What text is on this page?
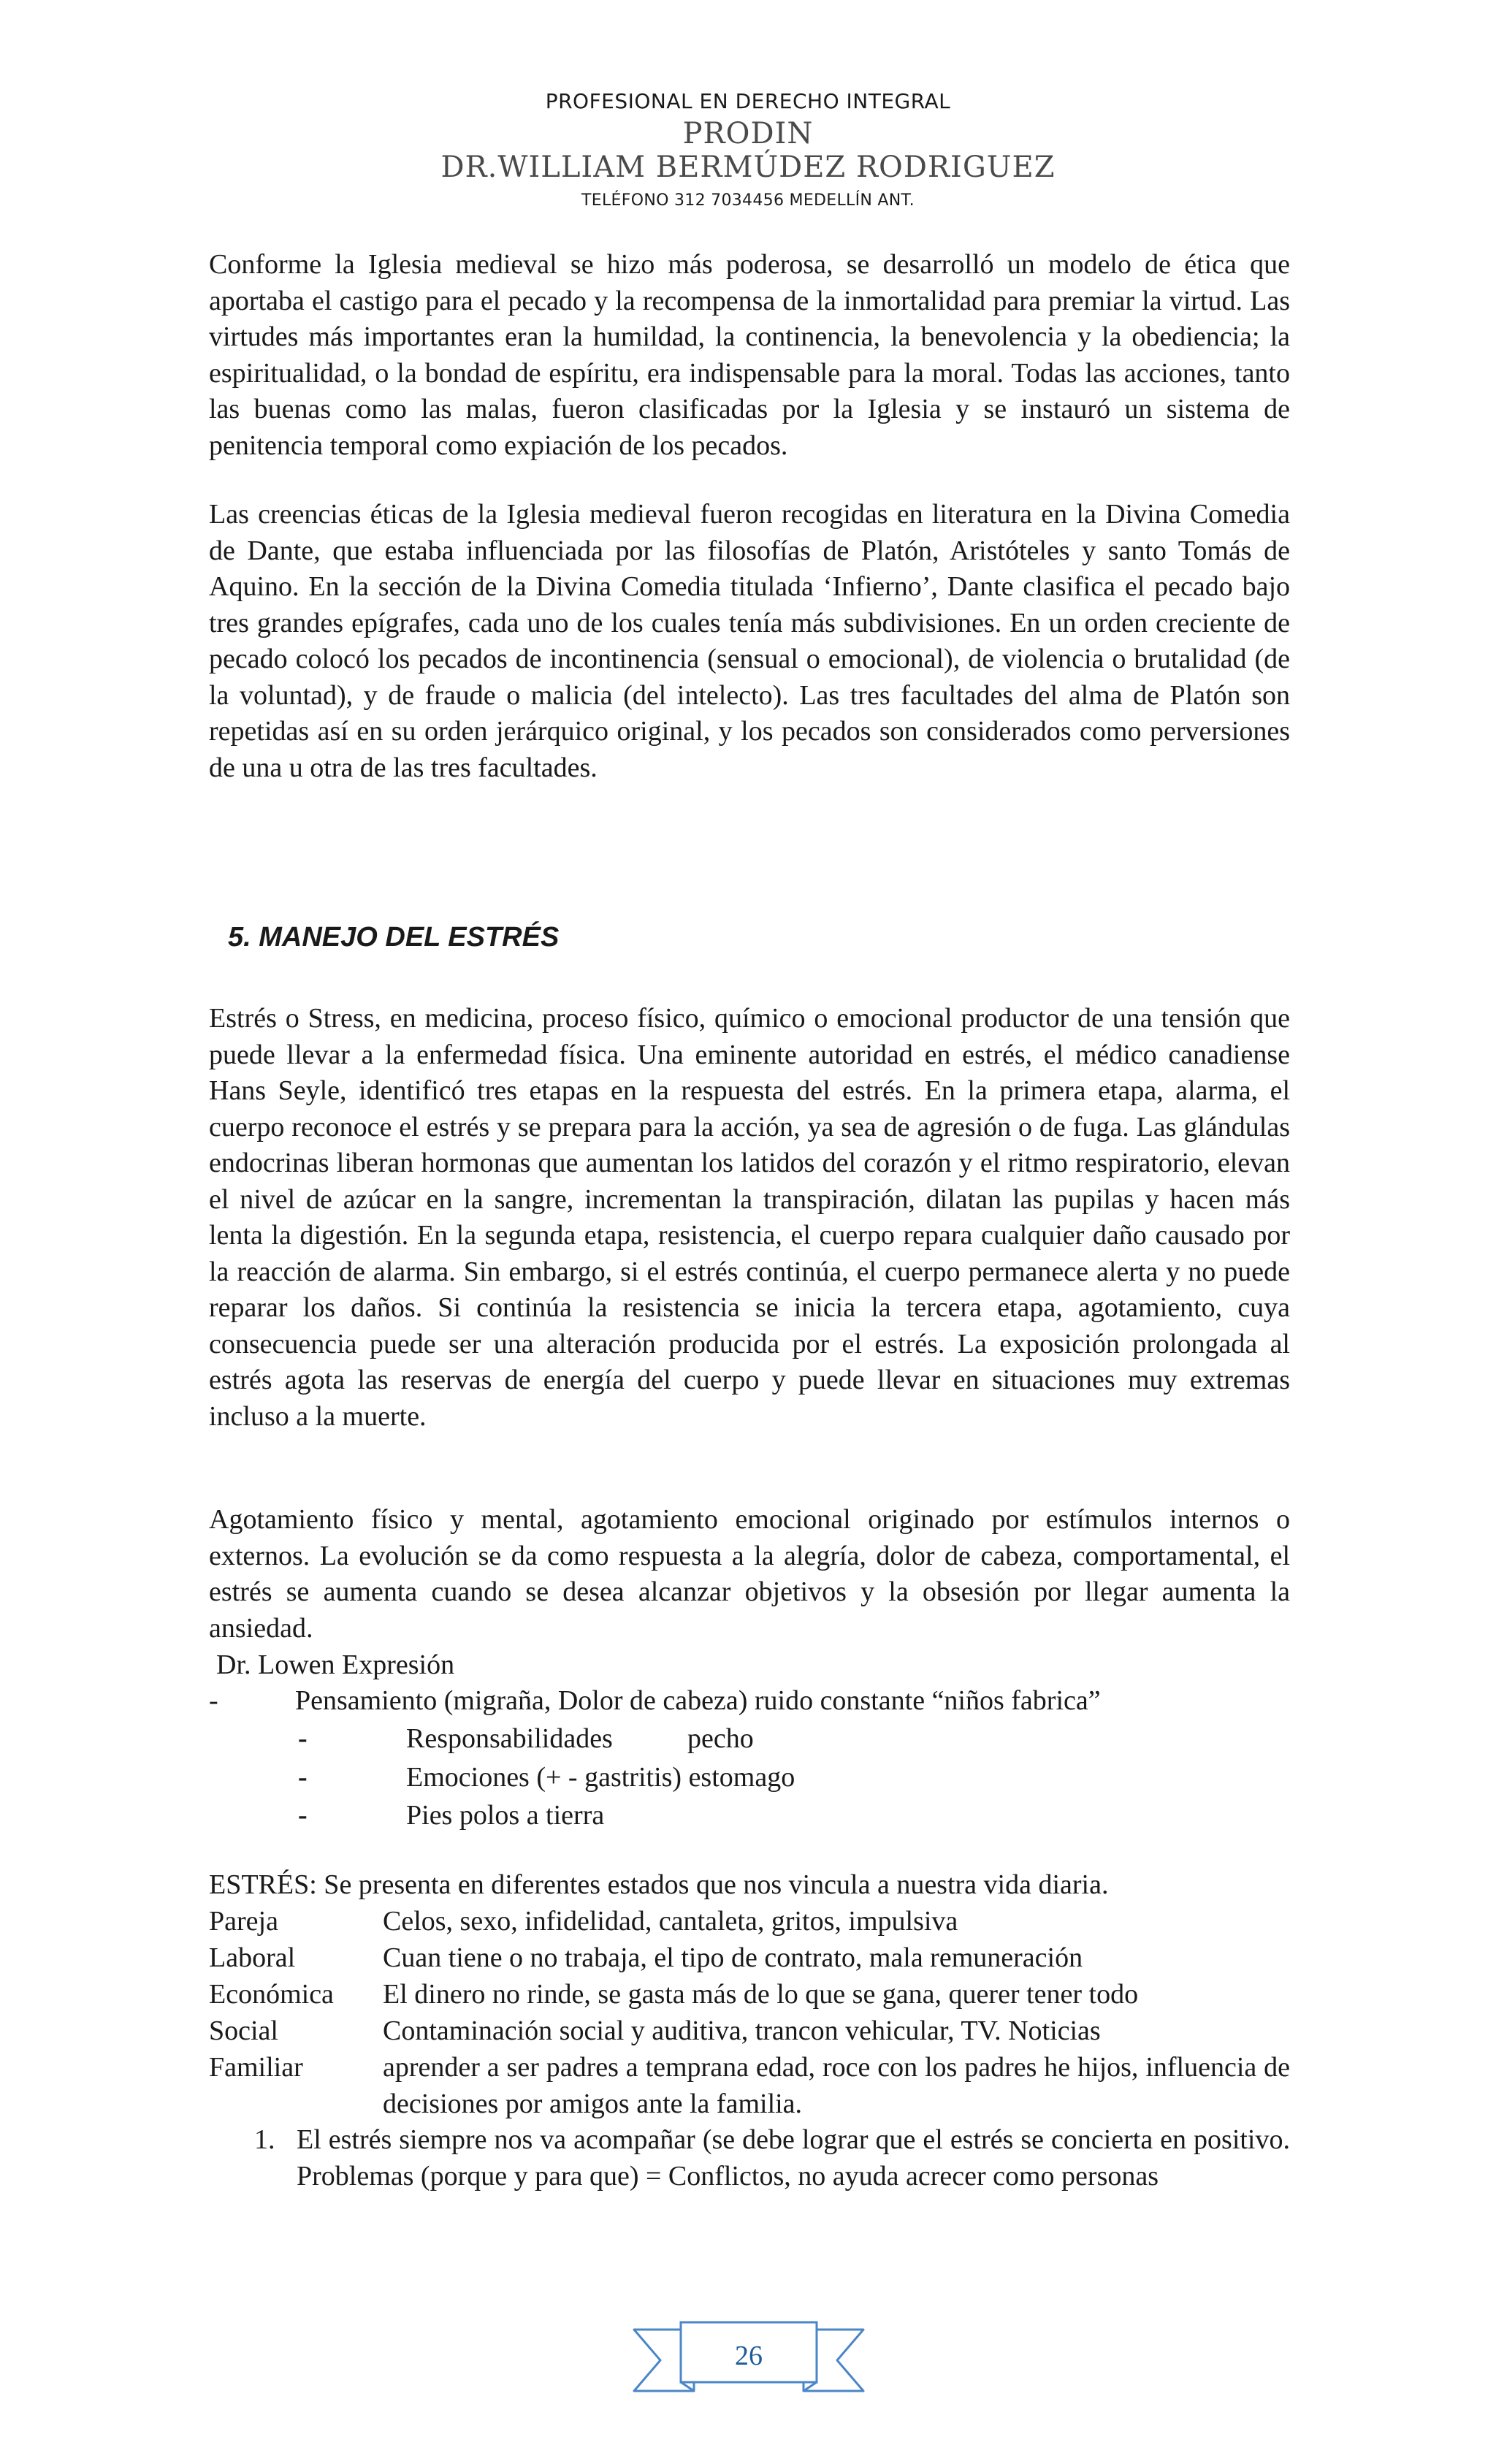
PROFESIONAL EN DERECHO INTEGRAL
PRODIN
DR.WILLIAM BERMÚDEZ RODRIGUEZ
TELÉFONO 312 7034456 MEDELLÍN ANT.

Conforme la Iglesia medieval se hizo más poderosa, se desarrolló un modelo de ética que aportaba el castigo para el pecado y la recompensa de la inmortalidad para premiar la virtud. Las virtudes más importantes eran la humildad, la continencia, la benevolencia y la obediencia; la espiritualidad, o la bondad de espíritu, era indispensable para la moral. Todas las acciones, tanto las buenas como las malas, fueron clasificadas por la Iglesia y se instauró un sistema de penitencia temporal como expiación de los pecados.

Las creencias éticas de la Iglesia medieval fueron recogidas en literatura en la Divina Comedia de Dante, que estaba influenciada por las filosofías de Platón, Aristóteles y santo Tomás de Aquino. En la sección de la Divina Comedia titulada ‘Infierno’, Dante clasifica el pecado bajo tres grandes epígrafes, cada uno de los cuales tenía más subdivisiones. En un orden creciente de pecado colocó los pecados de incontinencia (sensual o emocional), de violencia o brutalidad (de la voluntad), y de fraude o malicia (del intelecto). Las tres facultades del alma de Platón son repetidas así en su orden jerárquico original, y los pecados son considerados como perversiones de una u otra de las tres facultades.

5. MANEJO DEL ESTRÉS

Estrés o Stress, en medicina, proceso físico, químico o emocional productor de una tensión que puede llevar a la enfermedad física. Una eminente autoridad en estrés, el médico canadiense Hans Seyle, identificó tres etapas en la respuesta del estrés. En la primera etapa, alarma, el cuerpo reconoce el estrés y se prepara para la acción, ya sea de agresión o de fuga. Las glándulas endocrinas liberan hormonas que aumentan los latidos del corazón y el ritmo respiratorio, elevan el nivel de azúcar en la sangre, incrementan la transpiración, dilatan las pupilas y hacen más lenta la digestión. En la segunda etapa, resistencia, el cuerpo repara cualquier daño causado por la reacción de alarma. Sin embargo, si el estrés continúa, el cuerpo permanece alerta y no puede reparar los daños. Si continúa la resistencia se inicia la tercera etapa, agotamiento, cuya consecuencia puede ser una alteración producida por el estrés. La exposición prolongada al estrés agota las reservas de energía del cuerpo y puede llevar en situaciones muy extremas incluso a la muerte.

Agotamiento físico y mental, agotamiento emocional originado por estímulos internos o externos. La evolución se da como respuesta a la alegría, dolor de cabeza, comportamental, el estrés se aumenta cuando se desea alcanzar objetivos y la obsesión por llegar aumenta la ansiedad.

Dr. Lowen Expresión
-	Pensamiento (migraña, Dolor de cabeza) ruido constante “niños fabrica”
-	Responsabilidades	pecho
-	Emociones (+ - gastritis) estomago
-	Pies polos a tierra
ESTRÉS: Se presenta en diferentes estados que nos vincula a nuestra vida diaria.
Pareja	Celos, sexo, infidelidad, cantaleta, gritos, impulsiva
Laboral	Cuan tiene o no trabaja, el tipo de contrato, mala remuneración
Económica El dinero no rinde, se gasta más de lo que se gana, querer tener todo
Social	Contaminación social y auditiva, trancon vehicular, TV. Noticias
Familiar	aprender a ser padres a temprana edad, roce con los padres he hijos, influencia de decisiones por amigos ante la familia.
1. El estrés siempre nos va acompañar (se debe lograr que el estrés se concierta en positivo. Problemas (porque y para que) = Conflictos, no ayuda acrecer como personas
26
